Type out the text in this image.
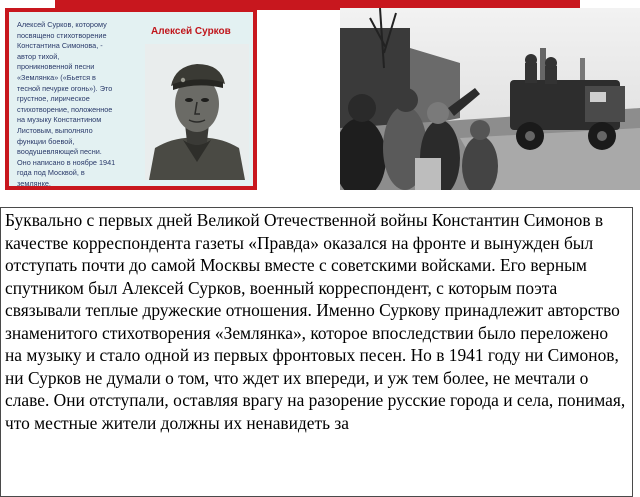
Алексей Сурков, которому
посвящено стихотворение
Константина Симонова, -
автор тихой,
проникновенной песни
«Землянка» («Бьется в
тесной печурке огонь»). Это
грустное, лирическое
стихотворение, положенное
на музыку Константином
Листовым, выполняло
функции боевой,
воодушевляющей песни.
Оно написано в ноябре 1941
года под Москвой, в
землянке.
Алексей Сурков

Буквально с первых дней Великой Отечественной войны Константин Симонов в качестве корреспондента газеты «Правда» оказался на фронте и вынужден был отступать почти до самой Москвы вместе с советскими войсками. Его верным спутником был Алексей Сурков, военный корреспондент, с которым поэта связывали теплые дружеские отношения. Именно Суркову принадлежит авторство знаменитого стихотворения «Землянка», которое впоследствии было переложено на музыку и стало одной из первых фронтовых песен. Но в 1941 году ни Симонов, ни Сурков не думали о том, что ждет их впереди, и уж тем более, не мечтали о славе. Они отступали, оставляя врагу на разорение русские города и села, понимая, что местные жители должны их ненавидеть за
